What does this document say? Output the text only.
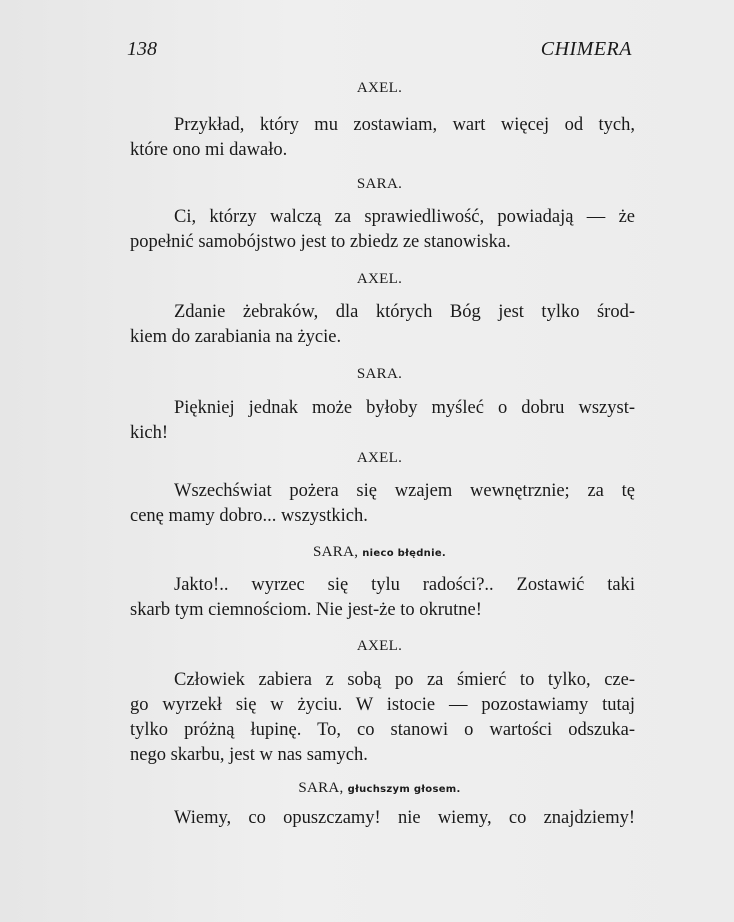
138	CHIMERA
AXEL.
Przykład, który mu zostawiam, wart więcej od tych,
które ono mi dawało.
SARA.
Ci, którzy walczą za sprawiedliwość, powiadają — że
popełnić samobójstwo jest to zbiedz ze stanowiska.
AXEL.
Zdanie żebraków, dla których Bóg jest tylko środ-
kiem do zarabiania na życie.
SARA.
Piękniej jednak może byłoby myśleć o dobru wszyst-
kich!
AXEL.
Wszechświat pożera się wzajem wewnętrznie; za tę
cenę mamy dobro... wszystkich.
SARA, nieco błędnie.
Jakto!.. wyrzec się tylu radości?.. Zostawić taki
skarb tym ciemnościom. Nie jest-że to okrutne!
AXEL.
Człowiek zabiera z sobą po za śmierć to tylko, cze-
go wyrzekł się w życiu. W istocie — pozostawiamy tutaj
tylko próżną łupinę. To, co stanowi o wartości odszuka-
nego skarbu, jest w nas samych.
SARA, głuchszym głosem.
Wiemy, co opuszczamy! nie wiemy, co znajdziemy!
